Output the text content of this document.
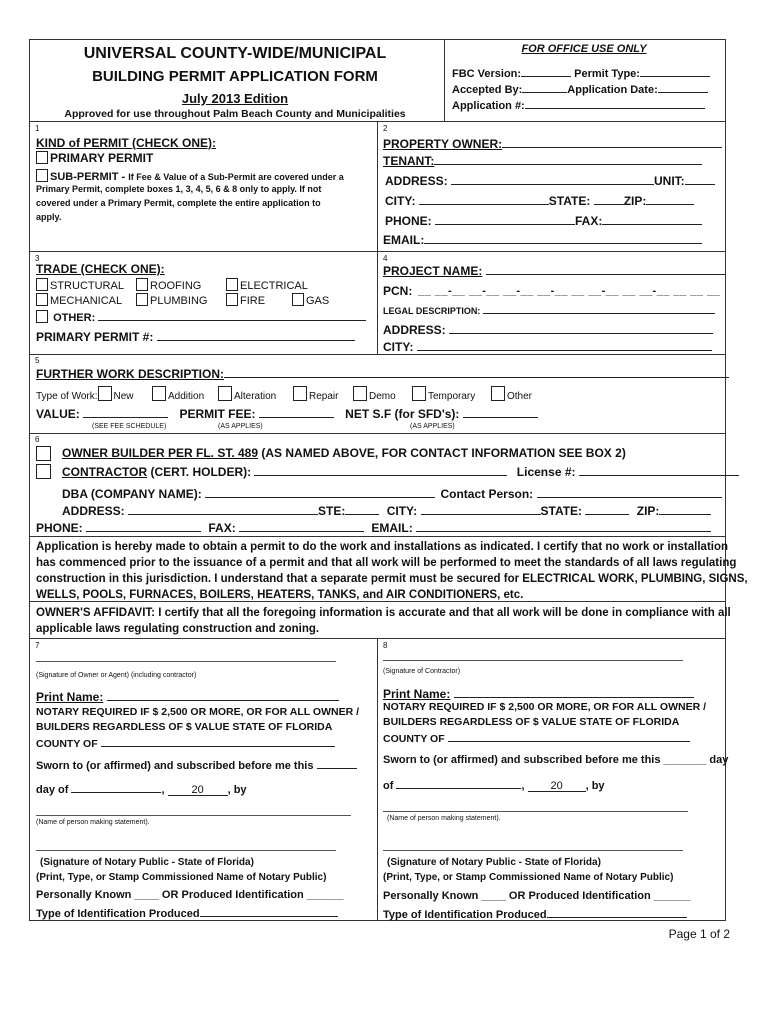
UNIVERSAL COUNTY-WIDE/MUNICIPAL
BUILDING PERMIT APPLICATION FORM
July 2013 Edition
Approved for use throughout Palm Beach County and Municipalities
FOR OFFICE USE ONLY
FBC Version:	Permit Type:
Accepted By:	Application Date:
Application #:
1
KIND of PERMIT (CHECK ONE):
PRIMARY PERMIT
SUB-PERMIT - If Fee & Value of a Sub-Permit are covered under a
Primary Permit, complete boxes 1, 3, 4, 5, 6 & 8 only to apply. If not
covered under a Primary Permit, complete the entire application to
apply.
2
PROPERTY OWNER:
TENANT:
ADDRESS:	UNIT:
CITY:	STATE:	ZIP:
PHONE:	FAX:
EMAIL:
3
TRADE (CHECK ONE):
STRUCTURAL	ROOFING	ELECTRICAL
MECHANICAL	PLUMBING	FIRE	GAS
OTHER:
PRIMARY PERMIT #:
4
PROJECT NAME:
PCN: __ __-__ __-__ __-__ __-__ __ __-__ __ __-__ __ __ __
LEGAL DESCRIPTION:
ADDRESS:
CITY:
5
FURTHER WORK DESCRIPTION:
Type of Work: New	Addition	Alteration	Repair	Demo	Temporary	Other
VALUE:	PERMIT FEE:	NET S.F (for SFD's):
(SEE FEE SCHEDULE)	(AS APPLIES)	(AS APPLIES)
6
OWNER BUILDER PER FL. ST. 489 (AS NAMED ABOVE, FOR CONTACT INFORMATION SEE BOX 2)
CONTRACTOR (CERT. HOLDER):	License #:
DBA (COMPANY NAME):	Contact Person:
ADDRESS:	STE:	CITY:	STATE:	ZIP:
PHONE:	FAX:	EMAIL:
Application is hereby made to obtain a permit to do the work and installations as indicated. I certify that no work or installation
has commenced prior to the issuance of a permit and that all work will be performed to meet the standards of all laws regulating
construction in this jurisdiction. I understand that a separate permit must be secured for ELECTRICAL WORK, PLUMBING, SIGNS,
WELLS, POOLS, FURNACES, BOILERS, HEATERS, TANKS, and AIR CONDITIONERS, etc.
OWNER'S AFFIDAVIT: I certify that all the foregoing information is accurate and that all work will be done in compliance with all
applicable laws regulating construction and zoning.
7
(Signature of Owner or Agent) (including contractor)
Print Name:
NOTARY REQUIRED IF $ 2,500 OR MORE, OR FOR ALL OWNER /
BUILDERS REGARDLESS OF $ VALUE STATE OF FLORIDA
COUNTY OF
Sworn to (or affirmed) and subscribed before me this
day of	, 20 , by
(Name of person making statement).
(Signature of Notary Public - State of Florida)
(Print, Type, or Stamp Commissioned Name of Notary Public)
Personally Known ____ OR Produced Identification ______
Type of Identification Produced
8
(Signature of Contractor)
Print Name:
NOTARY REQUIRED IF $ 2,500 OR MORE, OR FOR ALL OWNER /
BUILDERS REGARDLESS OF $ VALUE STATE OF FLORIDA
COUNTY OF
Sworn to (or affirmed) and subscribed before me this _______ day
of	, 20 , by
(Name of person making statement).
(Signature of Notary Public - State of Florida)
(Print, Type, or Stamp Commissioned Name of Notary Public)
Personally Known ____ OR Produced Identification ______
Type of Identification Produced
Page 1 of 2
